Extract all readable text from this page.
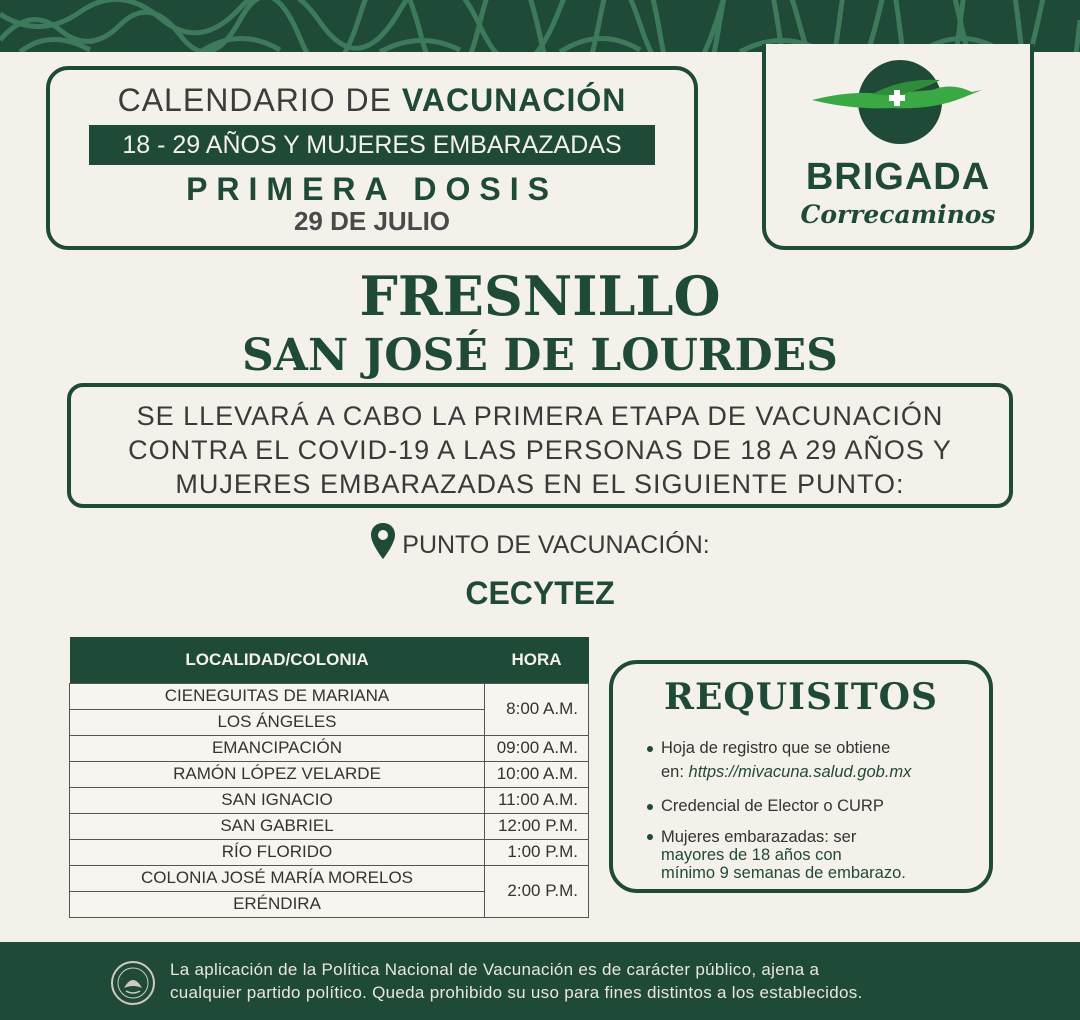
CALENDARIO DE VACUNACIÓN
18 - 29 AÑOS Y MUJERES EMBARAZADAS
PRIMERA DOSIS
29 DE JULIO
BRIGADA
Correcaminos
FRESNILLO
SAN JOSÉ DE LOURDES
SE LLEVARÁ A CABO LA PRIMERA ETAPA DE VACUNACIÓN
CONTRA EL COVID-19 A LAS PERSONAS DE 18 A 29 AÑOS Y
MUJERES EMBARAZADAS EN EL SIGUIENTE PUNTO:
PUNTO DE VACUNACIÓN:
CECYTEZ
LOCALIDAD/COLONIA	HORA
CIENEGUITAS DE MARIANA	8:00 A.M.
LOS ÁNGELES	
EMANCIPACIÓN	09:00 A.M.
RAMÓN LÓPEZ VELARDE	10:00 A.M.
SAN IGNACIO	11:00 A.M.
SAN GABRIEL	12:00 P.M.
RÍO FLORIDO	1:00 P.M.
COLONIA JOSÉ MARÍA MORELOS	2:00 P.M.
ERÉNDIRA	
REQUISITOS
Hoja de registro que se obtiene
en: https://mivacuna.salud.gob.mx
Credencial de Elector o CURP
Mujeres embarazadas: ser
mayores de 18 años con
mínimo 9 semanas de embarazo.
La aplicación de la Política Nacional de Vacunación es de carácter público, ajena a
cualquier partido político. Queda prohibido su uso para fines distintos a los establecidos.
